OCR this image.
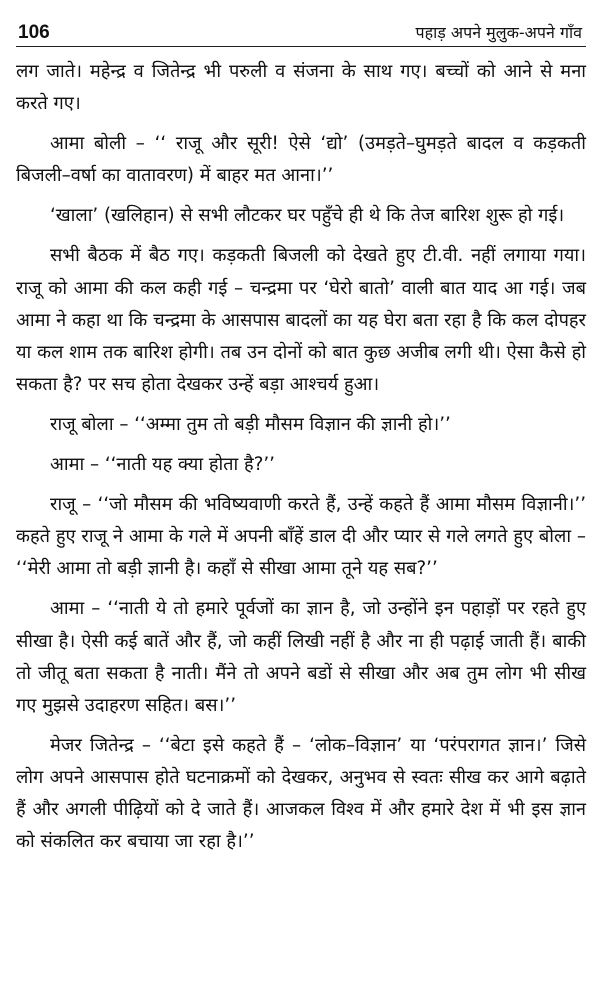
106	पहाड़ अपने मुलुक-अपने गाँव

लग जाते। महेन्द्र व जितेन्द्र भी परुली व संजना के साथ गए। बच्चों को आने से मना करते गए।

आमा बोली – ‘‘ राजू और सूरी! ऐसे ‘द्यो’ (उमड़ते–घुमड़ते बादल व कड़कती बिजली–वर्षा का वातावरण) में बाहर मत आना।’’

‘खाला’ (खलिहान) से सभी लौटकर घर पहुँचे ही थे कि तेज बारिश शुरू हो गई।

सभी बैठक में बैठ गए। कड़कती बिजली को देखते हुए टी.वी. नहीं लगाया गया। राजू को आमा की कल कही गई – चन्द्रमा पर ‘घेरो बातो’ वाली बात याद आ गई। जब आमा ने कहा था कि चन्द्रमा के आसपास बादलों का यह घेरा बता रहा है कि कल दोपहर या कल शाम तक बारिश होगी। तब उन दोनों को बात कुछ अजीब लगी थी। ऐसा कैसे हो सकता है? पर सच होता देखकर उन्हें बड़ा आश्चर्य हुआ।

राजू बोला – ‘‘अम्मा तुम तो बड़ी मौसम विज्ञान की ज्ञानी हो।’’

आमा – ‘‘नाती यह क्या होता है?’’

राजू – ‘‘जो मौसम की भविष्यवाणी करते हैं, उन्हें कहते हैं आमा मौसम विज्ञानी।’’ कहते हुए राजू ने आमा के गले में अपनी बाँहें डाल दी और प्यार से गले लगते हुए बोला – ‘‘मेरी आमा तो बड़ी ज्ञानी है। कहाँ से सीखा आमा तूने यह सब?’’

आमा – ‘‘नाती ये तो हमारे पूर्वजों का ज्ञान है, जो उन्होंने इन पहाड़ों पर रहते हुए सीखा है। ऐसी कई बातें और हैं, जो कहीं लिखी नहीं है और ना ही पढ़ाई जाती हैं। बाकी तो जीतू बता सकता है नाती। मैंने तो अपने बडों से सीखा और अब तुम लोग भी सीख गए मुझसे उदाहरण सहित। बस।’’

मेजर जितेन्द्र – ‘‘बेटा इसे कहते हैं – ‘लोक–विज्ञान’ या ‘परंपरागत ज्ञान।’ जिसे लोग अपने आसपास होते घटनाक्रमों को देखकर, अनुभव से स्वतः सीख कर आगे बढ़ाते हैं और अगली पीढ़ियों को दे जाते हैं। आजकल विश्व में और हमारे देश में भी इस ज्ञान को संकलित कर बचाया जा रहा है।’’
